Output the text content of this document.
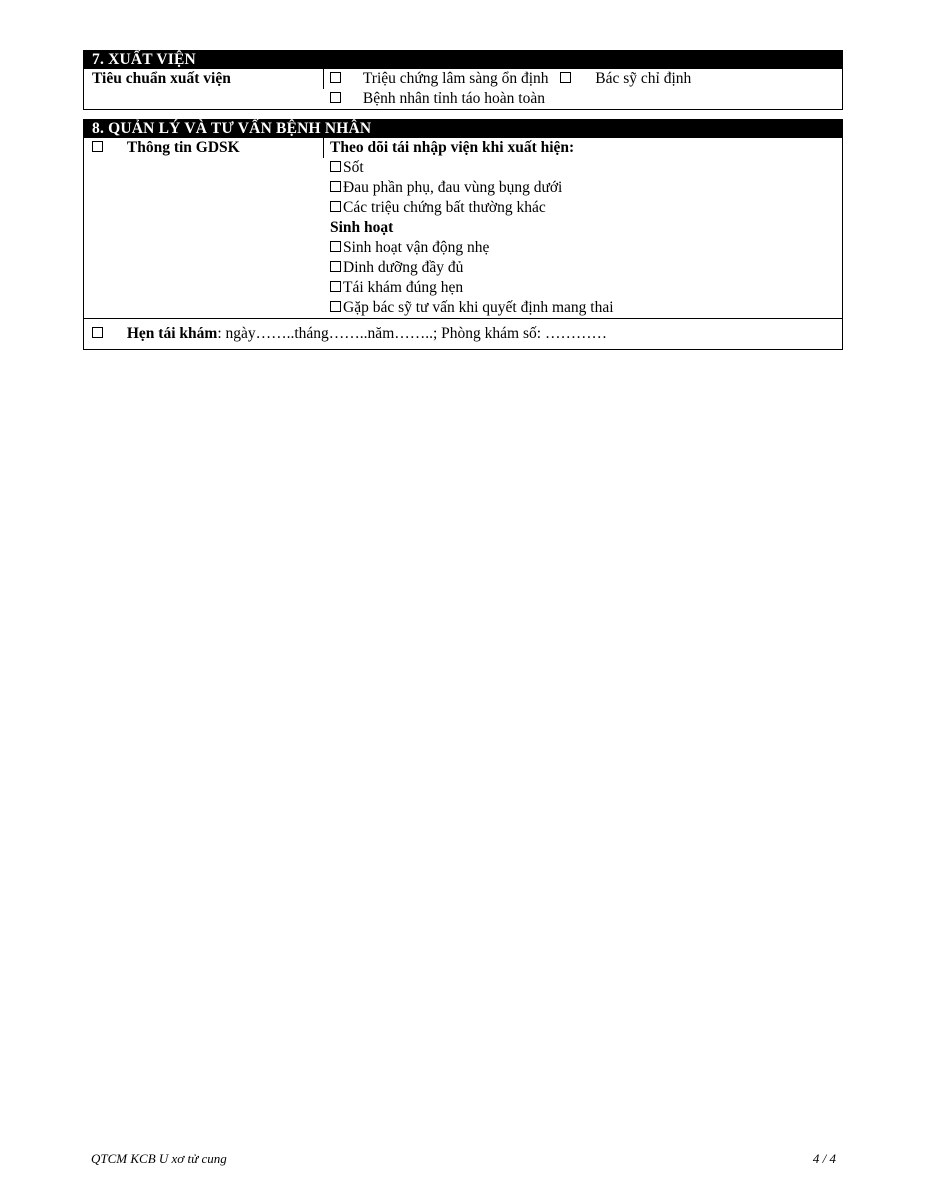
7. XUẤT VIỆN
Tiêu chuẩn xuất viện	Triệu chứng lâm sàng ổn định	Bác sỹ chỉ định
Bệnh nhân tỉnh táo hoàn toàn
8. QUẢN LÝ VÀ TƯ VẤN BỆNH NHÂN
Thông tin GDSK	Theo dõi tái nhập viện khi xuất hiện:
Sốt
Đau phần phụ, đau vùng bụng dưới
Các triệu chứng bất thường khác
Sinh hoạt
Sinh hoạt vận động nhẹ
Dinh dưỡng đầy đủ
Tái khám đúng hẹn
Gặp bác sỹ tư vấn khi quyết định mang thai
Hẹn tái khám: ngày……..tháng……..năm……..; Phòng khám số: …………
QTCM KCB U xơ tử cung	4 / 4
